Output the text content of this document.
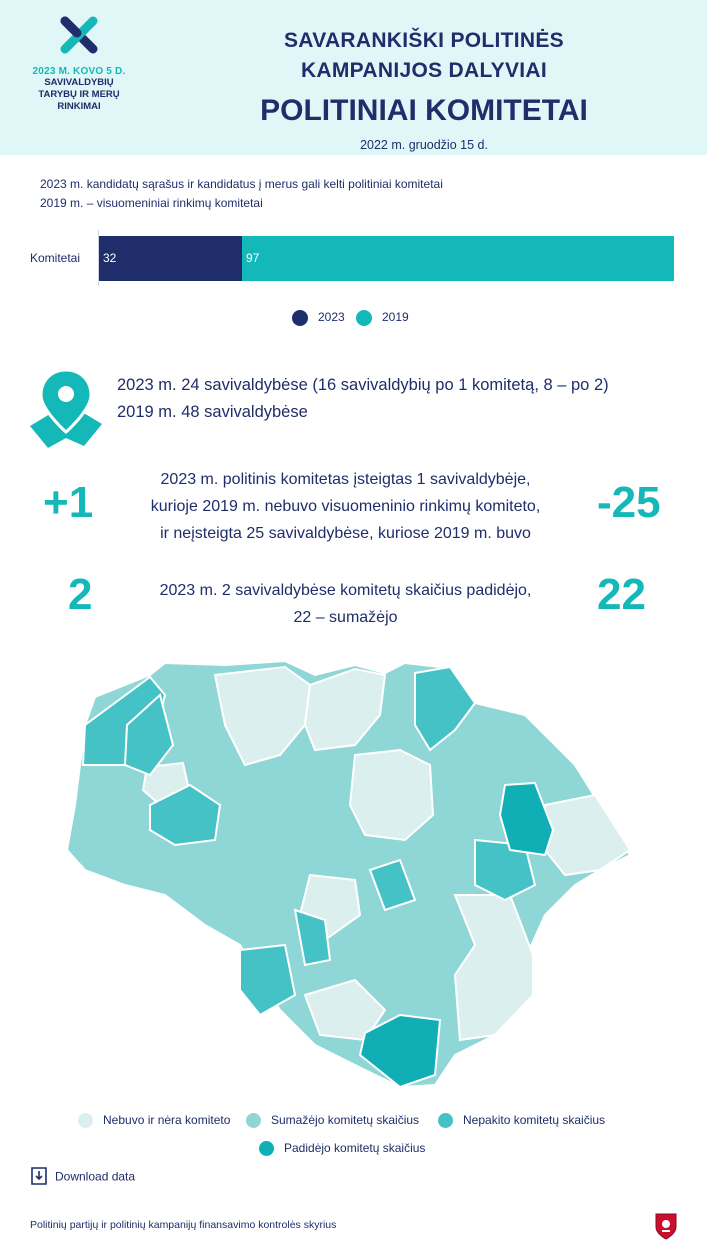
2023 M. KOVO 5 D.
SAVIVALDYBIŲ
TARYBŲ IR MERŲ
RINKIMAI
SAVARANKIŠKI POLITINĖS
KAMPANIJOS DALYVIAI
POLITINIAI KOMITETAI
2022 m. gruodžio 15 d.
2023 m. kandidatų sąrašus ir kandidatus į merus gali kelti politiniai komitetai
2019 m. – visuomeniniai rinkimų komitetai
Komitetai	32	97
2023	2019
2023 m. 24 savivaldybėse (16 savivaldybių po 1 komitetą, 8 – po 2)
2019 m. 48 savivaldybėse
+1	-25
2023 m. politinis komitetas įsteigtas 1 savivaldybėje,
kurioje 2019 m. nebuvo visuomeninio rinkimų komiteto,
ir neįsteigta 25 savivaldybėse, kuriose 2019 m. buvo
2	22
2023 m. 2 savivaldybėse komitetų skaičius padidėjo,
22 – sumažėjo
Nebuvo ir nėra komiteto	Sumažėjo komitetų skaičius	Nepakito komitetų skaičius
Padidėjo komitetų skaičius
Download data
Politinių partijų ir politinių kampanijų finansavimo kontrolės skyrius
